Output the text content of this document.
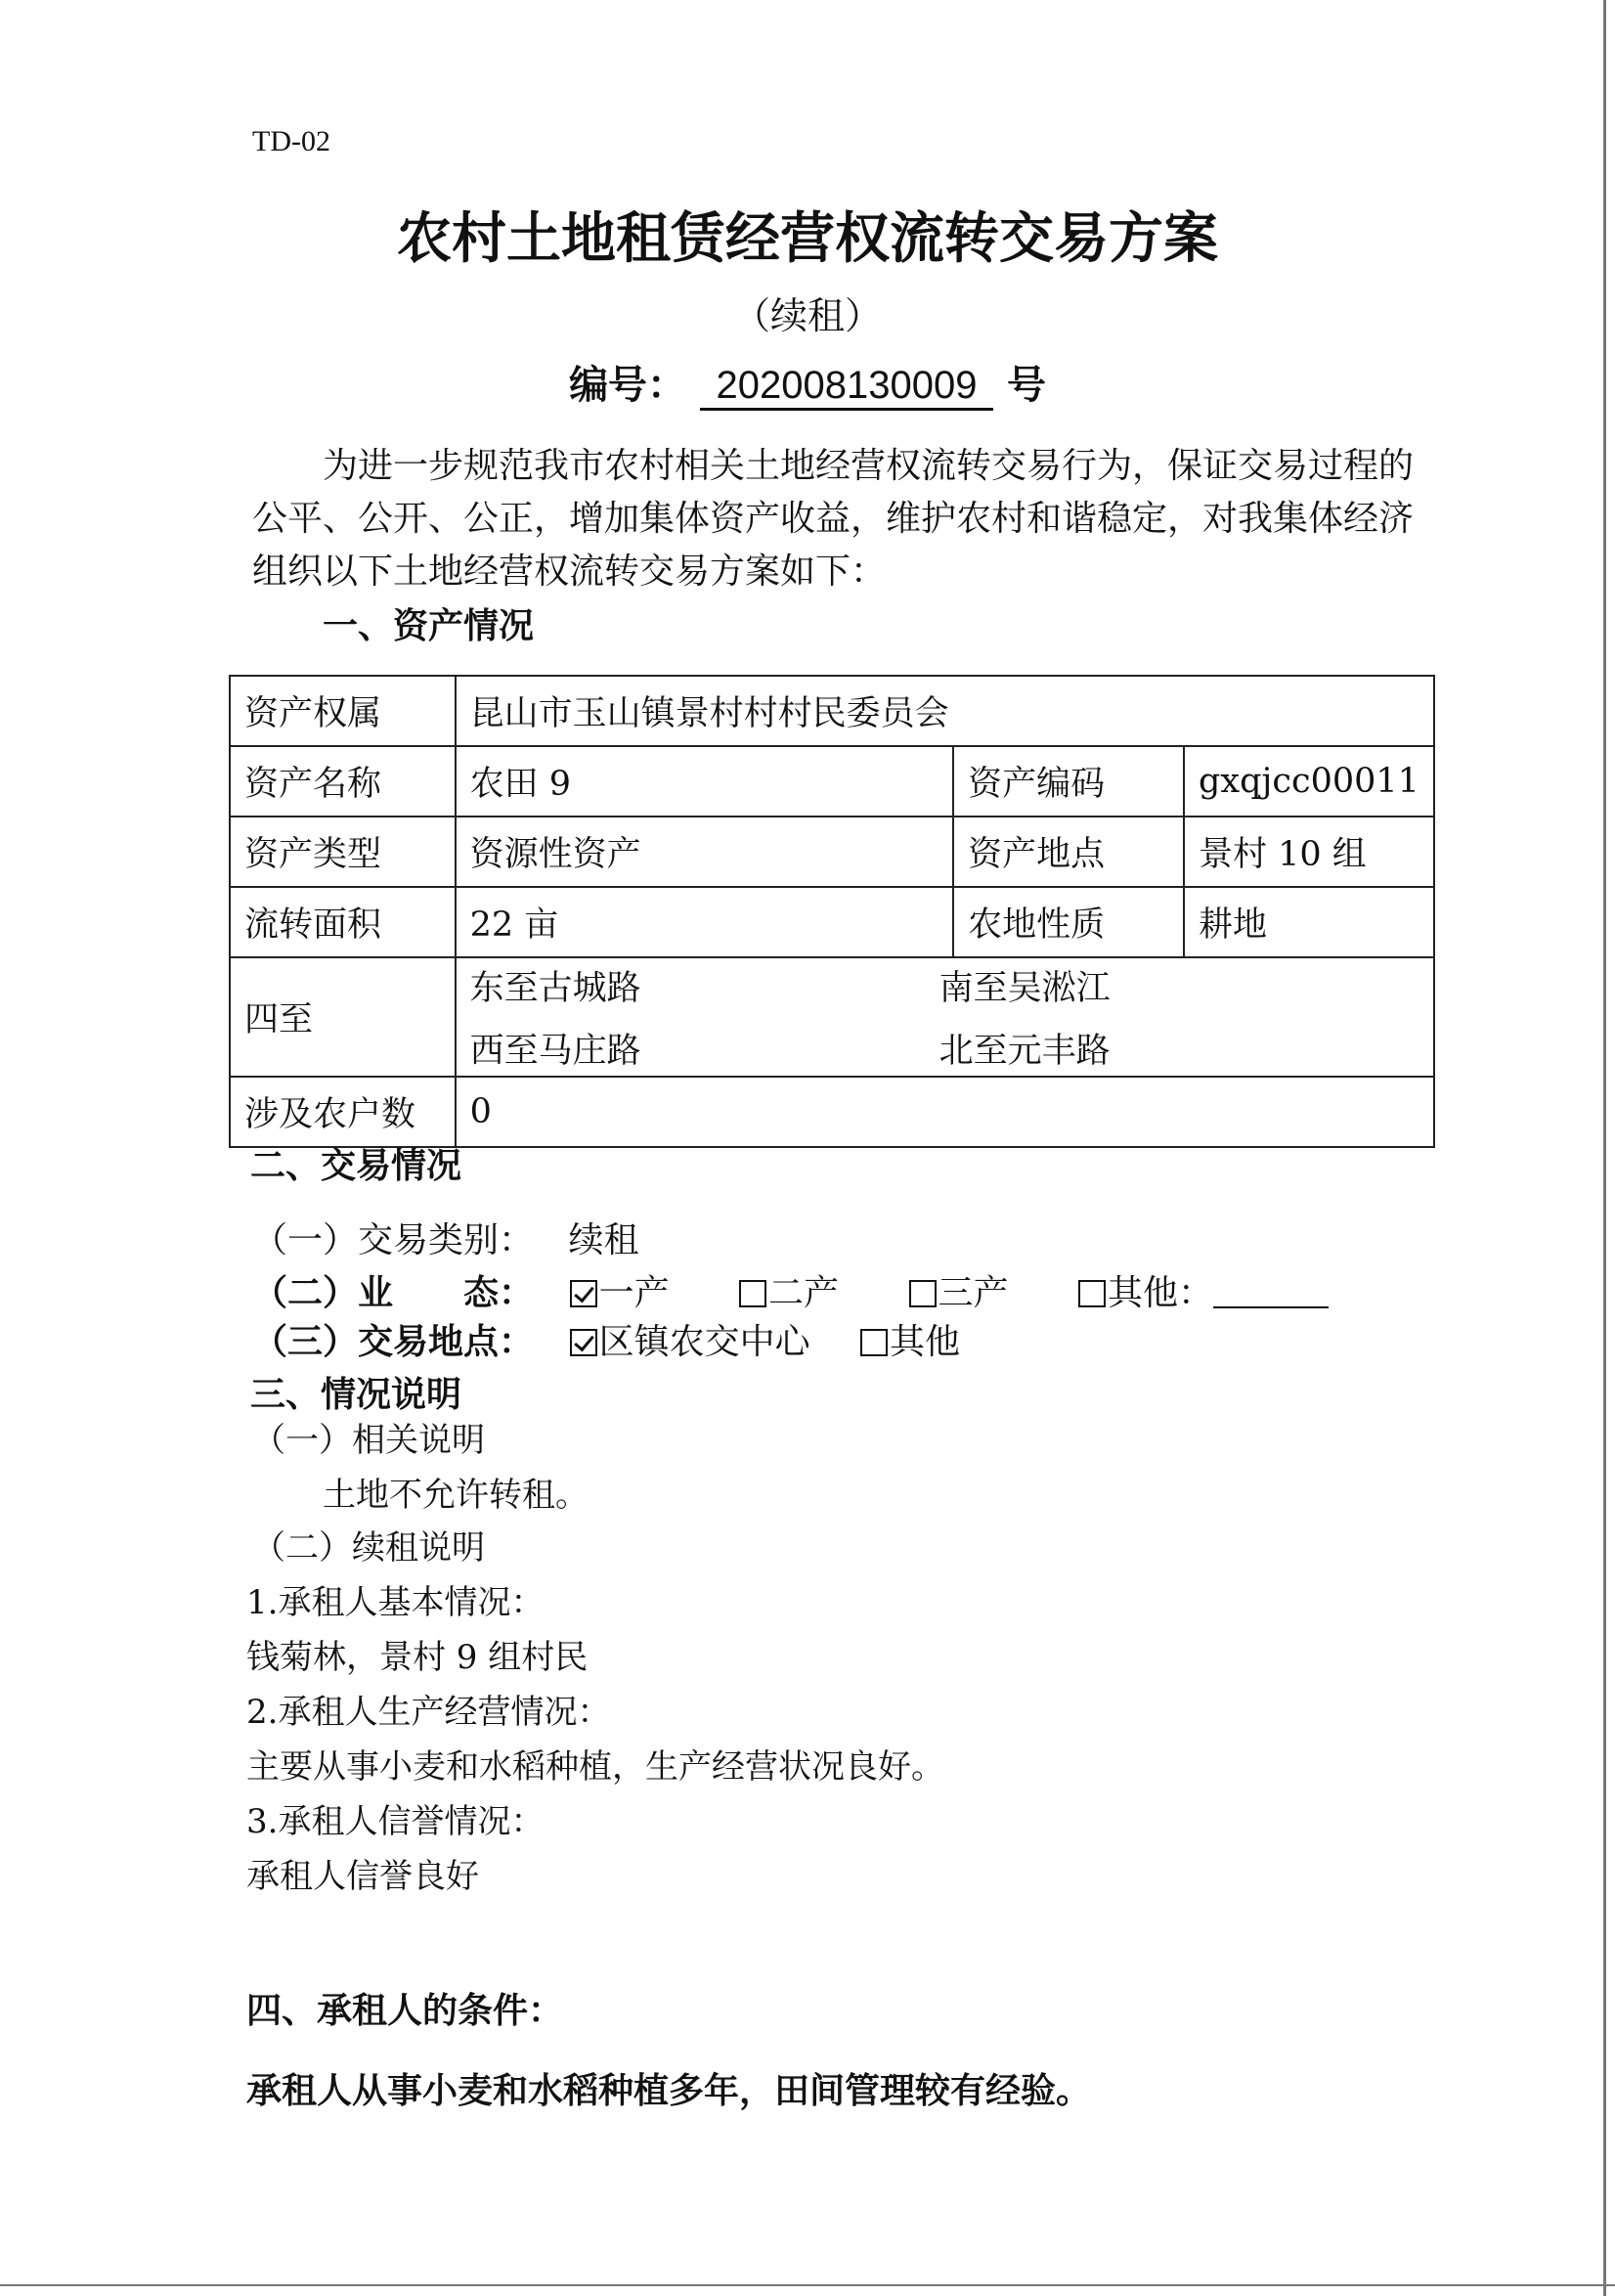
TD-02
农村土地租赁经营权流转交易方案
（续租）
编号： 202008130009 号
为进一步规范我市农村相关土地经营权流转交易行为，保证交易过程的公平、公开、公正，增加集体资产收益，维护农村和谐稳定，对我集体经济组织以下土地经营权流转交易方案如下：
一、资产情况
资产权属	昆山市玉山镇景村村村民委员会		
资产名称	农田 9	资产编码	gxqjcc00011
资产类型	资源性资产	资产地点	景村 10 组
流转面积	22 亩	农地性质	耕地
四至	东至古城路 南至吴淞江
西至马庄路 北至元丰路		

涉及农户数	0		
二、交易情况
（一）交易类别： 续租
（二）业　　态： 一产	二产	三产	其他：
（三）交易地点： 区镇农交中心 其他
三、情况说明
（一）相关说明
土地不允许转租。
（二）续租说明
1.承租人基本情况：
钱菊林，景村 9 组村民
2.承租人生产经营情况：
主要从事小麦和水稻种植，生产经营状况良好。
3.承租人信誉情况：
承租人信誉良好
四、承租人的条件：
承租人从事小麦和水稻种植多年，田间管理较有经验。
